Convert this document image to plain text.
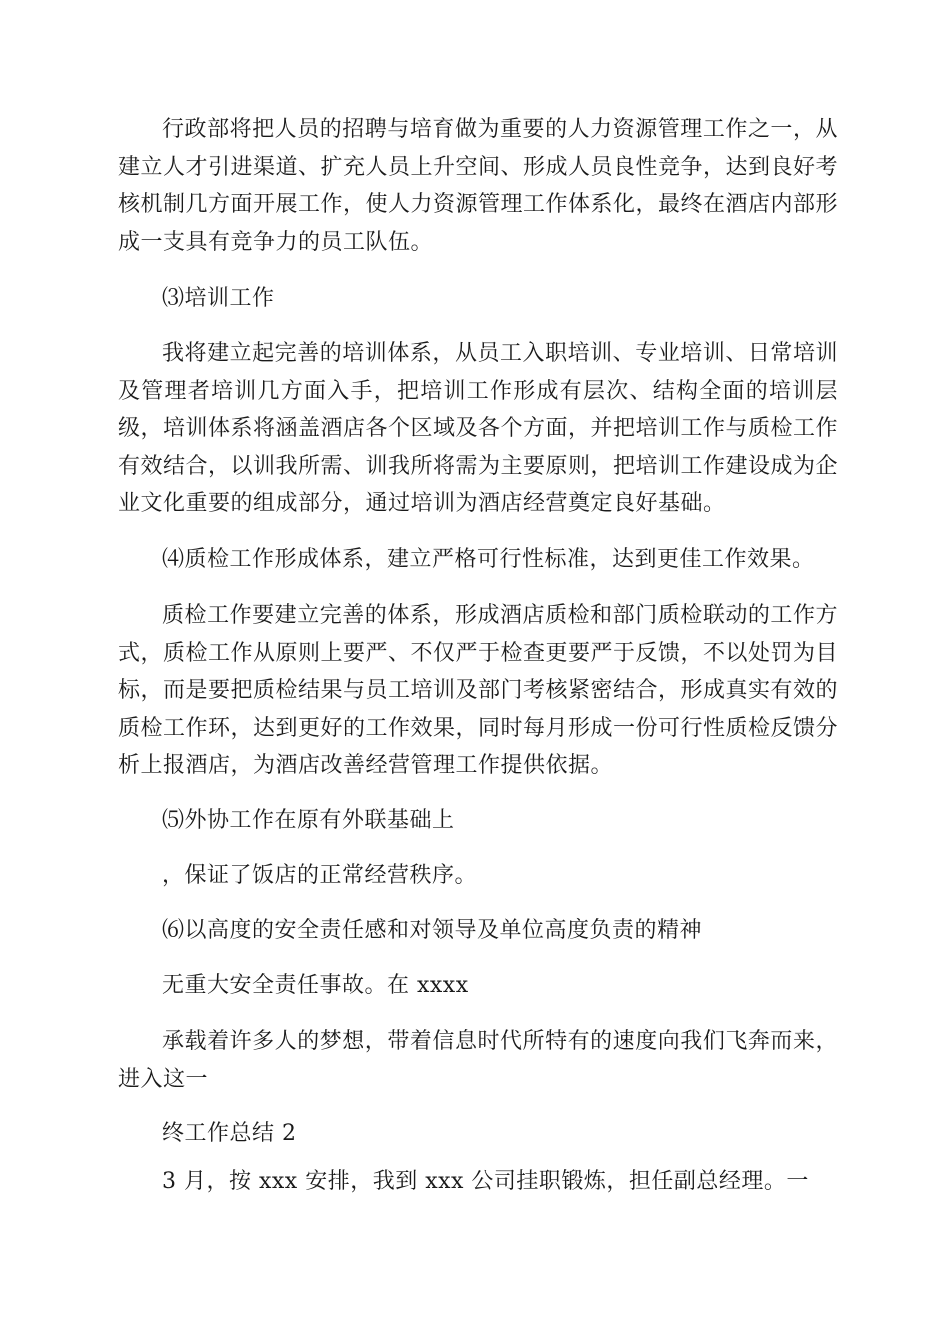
行政部将把人员的招聘与培育做为重要的人力资源管理工作之一，从建立人才引进渠道、扩充人员上升空间、形成人员良性竞争，达到良好考核机制几方面开展工作，使人力资源管理工作体系化，最终在酒店内部形成一支具有竞争力的员工队伍。

⑶培训工作

我将建立起完善的培训体系，从员工入职培训、专业培训、日常培训及管理者培训几方面入手，把培训工作形成有层次、结构全面的培训层级，培训体系将涵盖酒店各个区域及各个方面，并把培训工作与质检工作有效结合，以训我所需、训我所将需为主要原则，把培训工作建设成为企业文化重要的组成部分，通过培训为酒店经营奠定良好基础。

⑷质检工作形成体系，建立严格可行性标准，达到更佳工作效果。

质检工作要建立完善的体系，形成酒店质检和部门质检联动的工作方式，质检工作从原则上要严、不仅严于检查更要严于反馈，不以处罚为目标，而是要把质检结果与员工培训及部门考核紧密结合，形成真实有效的质检工作环，达到更好的工作效果，同时每月形成一份可行性质检反馈分析上报酒店，为酒店改善经营管理工作提供依据。

⑸外协工作在原有外联基础上

，保证了饭店的正常经营秩序。

⑹以高度的安全责任感和对领导及单位高度负责的精神

无重大安全责任事故。在 xxxx

承载着许多人的梦想，带着信息时代所特有的速度向我们飞奔而来，进入这一

终工作总结 2

3 月，按 xxx 安排，我到 xxx 公司挂职锻炼，担任副总经理。一
